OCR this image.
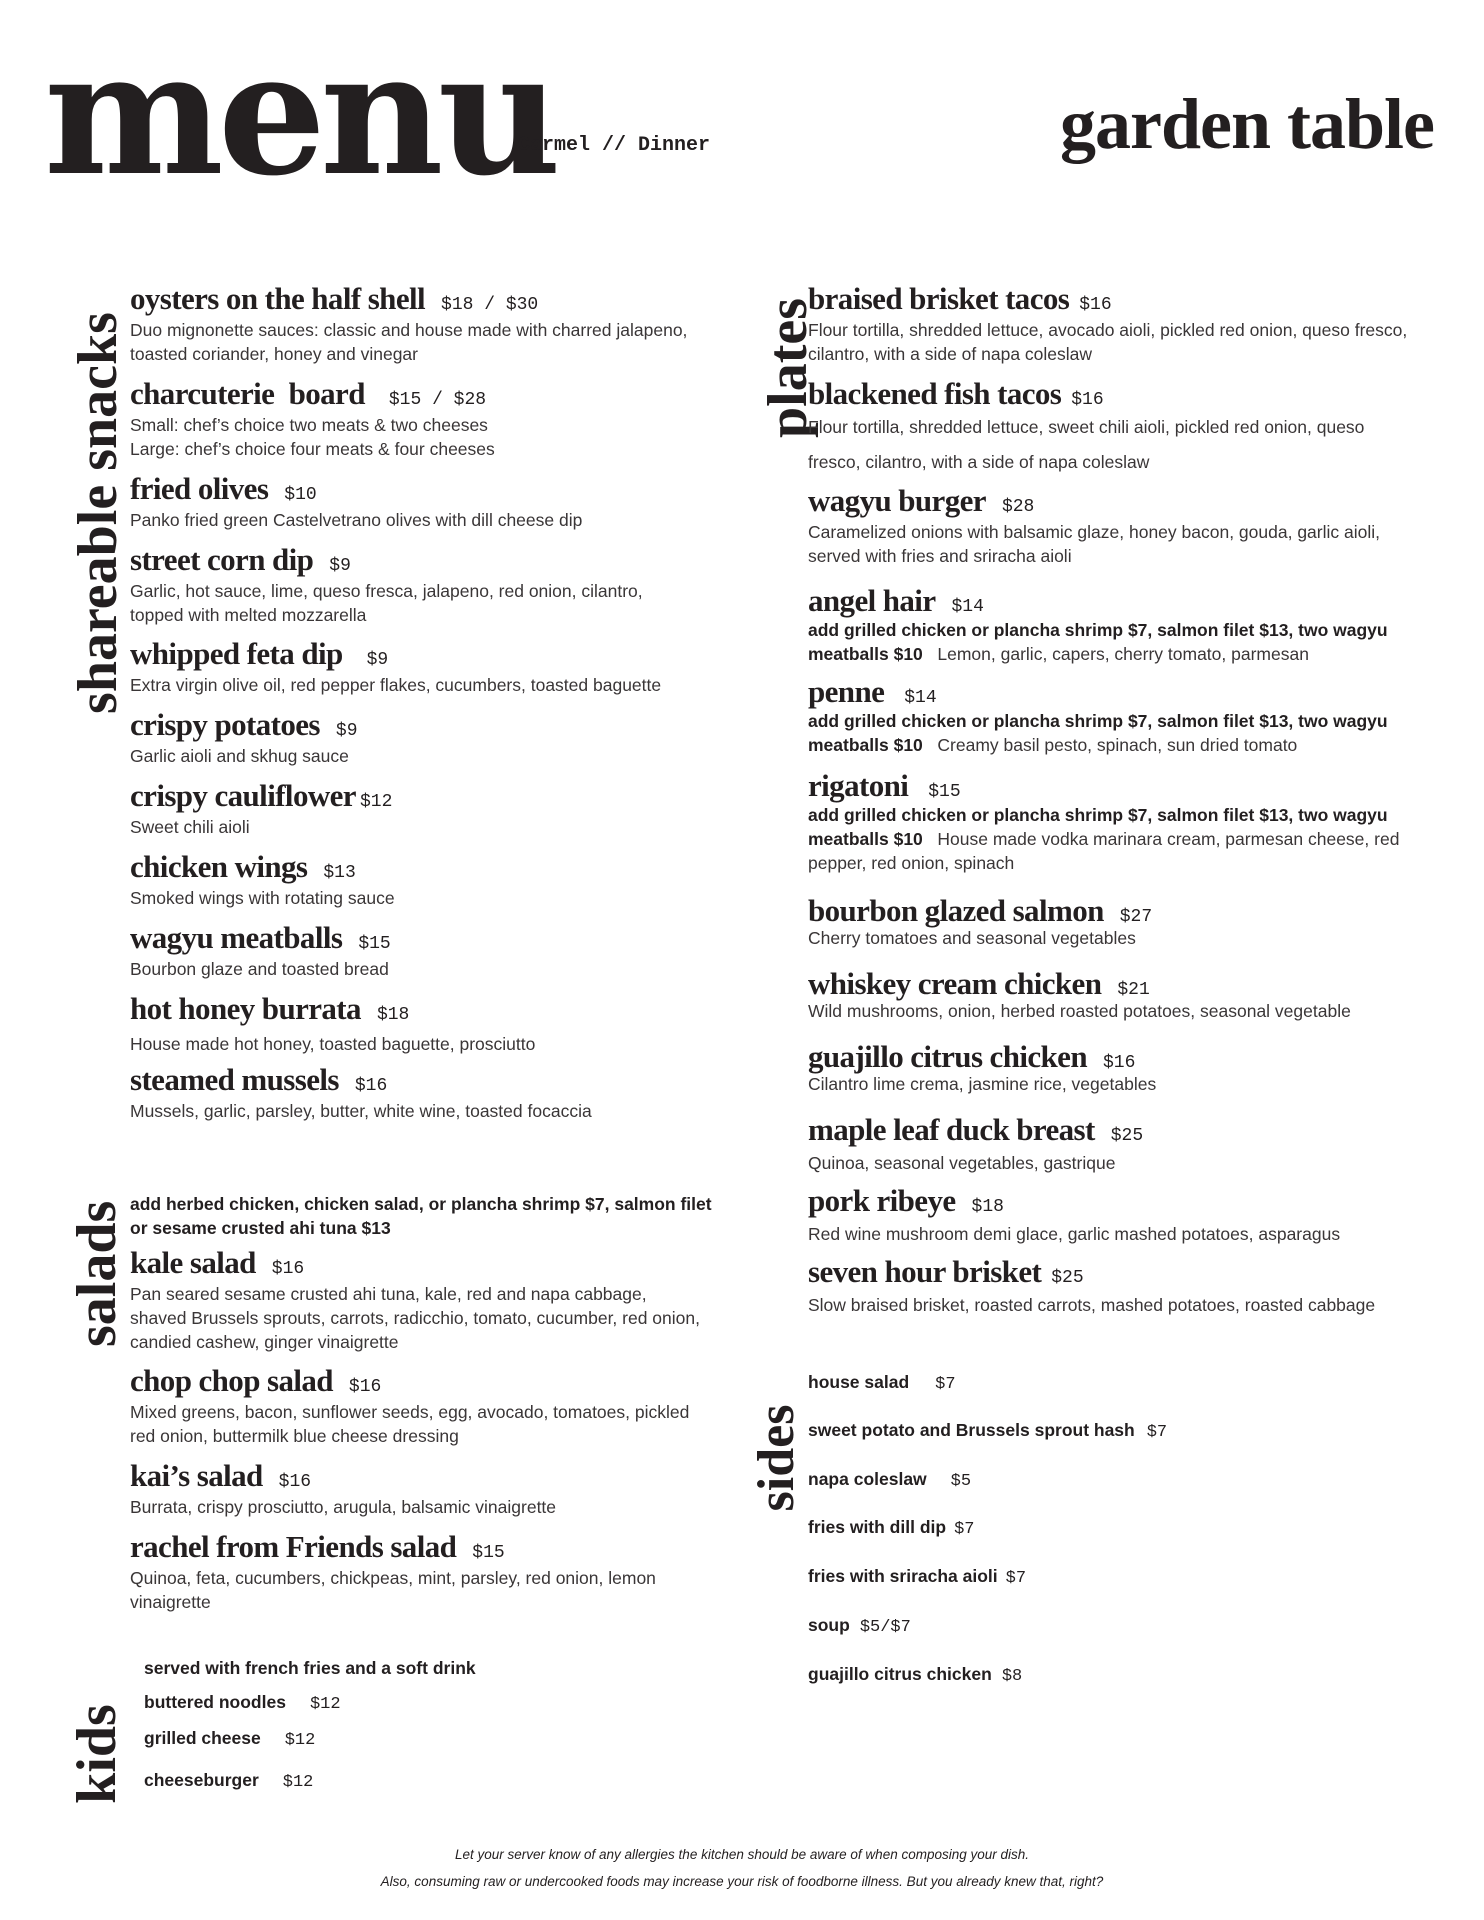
menu
Carmel // Dinner	garden table
shareable snacks
salads
kids
plates
sides
oysters on the half shell $18 / $30
Duo mignonette sauces: classic and house made with charred jalapeno, toasted coriander, honey and vinegar
charcuterie  board $15 / $28
Small: chef’s choice two meats & two cheeses
Large: chef’s choice four meats & four cheeses
fried olives $10
Panko fried green Castelvetrano olives with dill cheese dip
street corn dip $9
Garlic, hot sauce, lime, queso fresca, jalapeno, red onion, cilantro, topped with melted mozzarella
whipped feta dip $9
Extra virgin olive oil, red pepper flakes, cucumbers, toasted baguette
crispy potatoes $9
Garlic aioli and skhug sauce
crispy cauliflower $12
Sweet chili aioli
chicken wings $13
Smoked wings with rotating sauce
wagyu meatballs $15
Bourbon glaze and toasted bread
hot honey burrata $18
House made hot honey, toasted baguette, prosciutto
steamed mussels $16
Mussels, garlic, parsley, butter, white wine, toasted focaccia
add herbed chicken, chicken salad, or plancha shrimp $7, salmon filet or sesame crusted ahi tuna $13
kale salad $16
Pan seared sesame crusted ahi tuna, kale, red and napa cabbage, shaved Brussels sprouts, carrots, radicchio, tomato, cucumber, red onion, candied cashew, ginger vinaigrette
chop chop salad $16
Mixed greens, bacon, sunflower seeds, egg, avocado, tomatoes, pickled red onion, buttermilk blue cheese dressing
kai’s salad $16
Burrata, crispy prosciutto, arugula, balsamic vinaigrette
rachel from Friends salad $15
Quinoa, feta, cucumbers, chickpeas, mint, parsley, red onion, lemon vinaigrette
served with french fries and a soft drink
buttered noodles $12
grilled cheese $12
cheeseburger $12
braised brisket tacos $16
Flour tortilla, shredded lettuce, avocado aioli, pickled red onion, queso fresco, cilantro, with a side of napa coleslaw
blackened fish tacos $16
Flour tortilla, shredded lettuce, sweet chili aioli, pickled red onion, queso
fresco, cilantro, with a side of napa coleslaw
wagyu burger $28
Caramelized onions with balsamic glaze, honey bacon, gouda, garlic aioli, served with fries and sriracha aioli
angel hair $14
add grilled chicken or plancha shrimp $7, salmon filet $13, two wagyu meatballs $10 Lemon, garlic, capers, cherry tomato, parmesan
penne $14
add grilled chicken or plancha shrimp $7, salmon filet $13, two wagyu meatballs $10 Creamy basil pesto, spinach, sun dried tomato
rigatoni $15
add grilled chicken or plancha shrimp $7, salmon filet $13, two wagyu meatballs $10 House made vodka marinara cream, parmesan cheese, red pepper, red onion, spinach
bourbon glazed salmon $27
Cherry tomatoes and seasonal vegetables
whiskey cream chicken $21
Wild mushrooms, onion, herbed roasted potatoes, seasonal vegetable
guajillo citrus chicken $16
Cilantro lime crema, jasmine rice, vegetables
maple leaf duck breast $25
Quinoa, seasonal vegetables, gastrique
pork ribeye $18
Red wine mushroom demi glace, garlic mashed potatoes, asparagus
seven hour brisket $25
Slow braised brisket, roasted carrots, mashed potatoes, roasted cabbage
house salad $7
sweet potato and Brussels sprout hash $7
napa coleslaw $5
fries with dill dip $7
fries with sriracha aioli $7
soup $5/$7
guajillo citrus chicken $8
Let your server know of any allergies the kitchen should be aware of when composing your dish.
Also, consuming raw or undercooked foods may increase your risk of foodborne illness. But you already knew that, right?
